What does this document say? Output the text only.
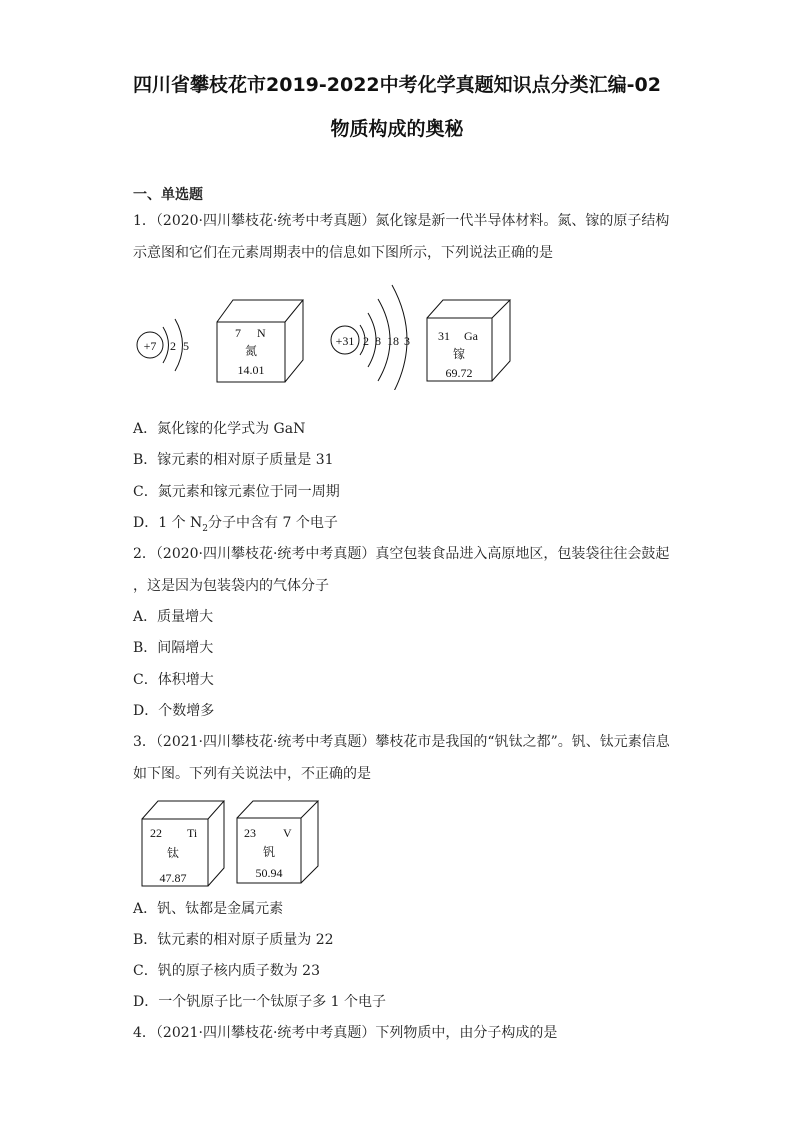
四川省攀枝花市2019-2022中考化学真题知识点分类汇编-02
物质构成的奥秘
一、单选题
1．（2020·四川攀枝花·统考中考真题）氮化镓是新一代半导体材料。氮、镓的原子结构
示意图和它们在元素周期表中的信息如下图所示，下列说法正确的是
+7 2 5
7 N
氮
14.01
+31 2 8 18 3 31 Ga
镓
69.72
A．氮化镓的化学式为 GaN
B．镓元素的相对原子质量是 31
C．氮元素和镓元素位于同一周期
D．1 个 $N_2$分子中含有 7 个电子
2．（2020·四川攀枝花·统考中考真题）真空包装食品进入高原地区，包装袋往往会鼓起
，这是因为包装袋内的气体分子
A．质量增大
B．间隔增大
C．体积增大
D．个数增多
3．（2021·四川攀枝花·统考中考真题）攀枝花市是我国的“钒钛之都”。钒、钛元素信息
如下图。下列有关说法中，不正确的是
22 Ti
钛
47.87
23 V
钒
50.94
A．钒、钛都是金属元素
B．钛元素的相对原子质量为 22
C．钒的原子核内质子数为 23
D．一个钒原子比一个钛原子多 1 个电子
4．（2021·四川攀枝花·统考中考真题）下列物质中，由分子构成的是
